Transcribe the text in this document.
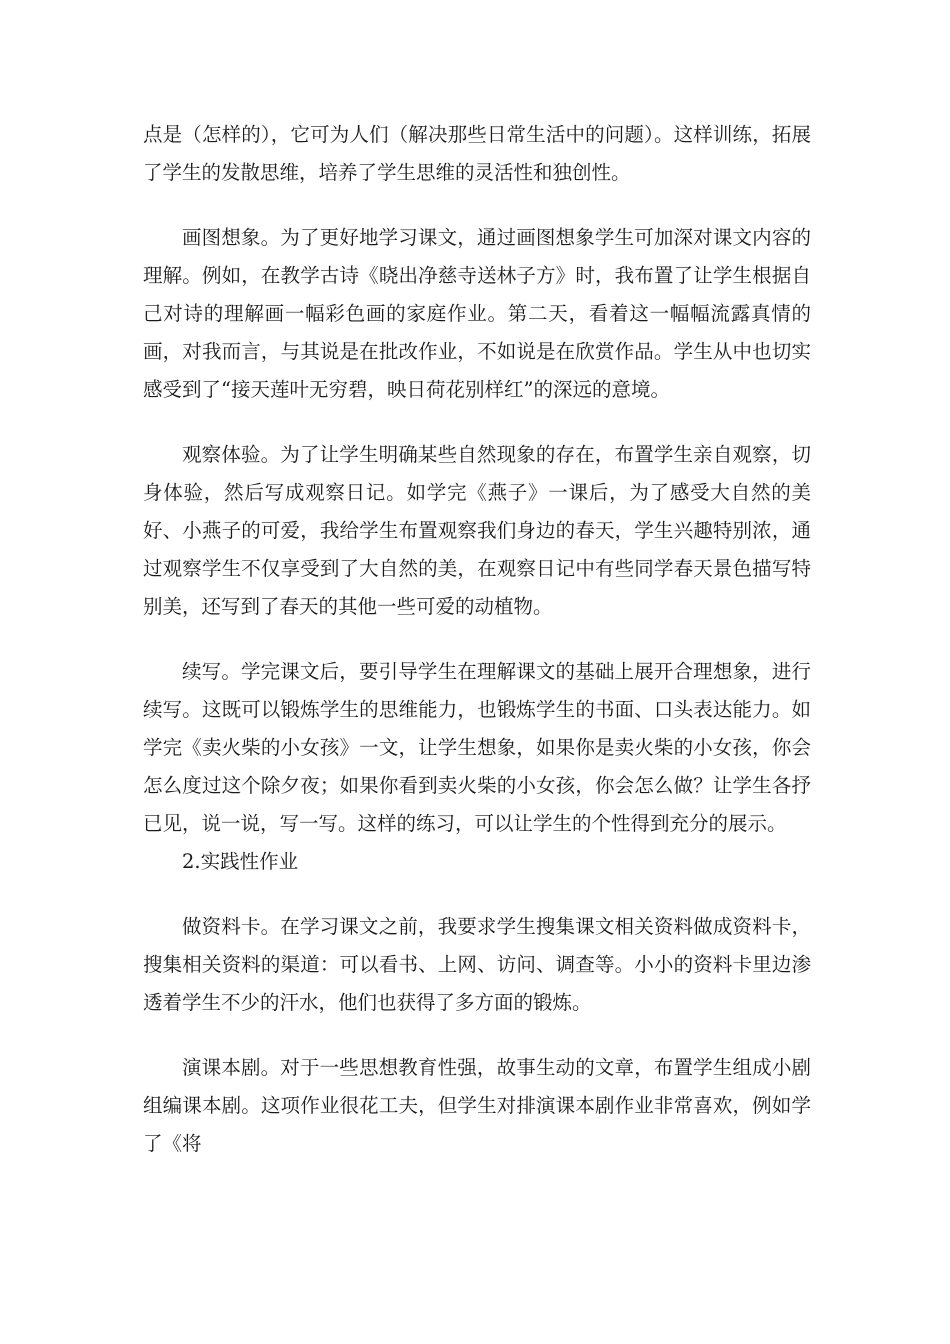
点是（怎样的），它可为人们（解决那些日常生活中的问题）。这样训练，拓展了学生的发散思维，培养了学生思维的灵活性和独创性。

画图想象。为了更好地学习课文，通过画图想象学生可加深对课文内容的理解。例如，在教学古诗《晓出净慈寺送林子方》时，我布置了让学生根据自己对诗的理解画一幅彩色画的家庭作业。第二天，看着这一幅幅流露真情的画，对我而言，与其说是在批改作业，不如说是在欣赏作品。学生从中也切实感受到了“接天莲叶无穷碧，映日荷花别样红”的深远的意境。

观察体验。为了让学生明确某些自然现象的存在，布置学生亲自观察，切身体验，然后写成观察日记。如学完《燕子》一课后，为了感受大自然的美好、小燕子的可爱，我给学生布置观察我们身边的春天，学生兴趣特别浓，通过观察学生不仅享受到了大自然的美，在观察日记中有些同学春天景色描写特别美，还写到了春天的其他一些可爱的动植物。

续写。学完课文后，要引导学生在理解课文的基础上展开合理想象，进行续写。这既可以锻炼学生的思维能力，也锻炼学生的书面、口头表达能力。如学完《卖火柴的小女孩》一文，让学生想象，如果你是卖火柴的小女孩，你会怎么度过这个除夕夜；如果你看到卖火柴的小女孩，你会怎么做？让学生各抒已见，说一说，写一写。这样的练习，可以让学生的个性得到充分的展示。

2.实践性作业

做资料卡。在学习课文之前，我要求学生搜集课文相关资料做成资料卡，搜集相关资料的渠道：可以看书、上网、访问、调查等。小小的资料卡里边渗透着学生不少的汗水，他们也获得了多方面的锻炼。

演课本剧。对于一些思想教育性强，故事生动的文章，布置学生组成小剧组编课本剧。这项作业很花工夫，但学生对排演课本剧作业非常喜欢，例如学了《将
